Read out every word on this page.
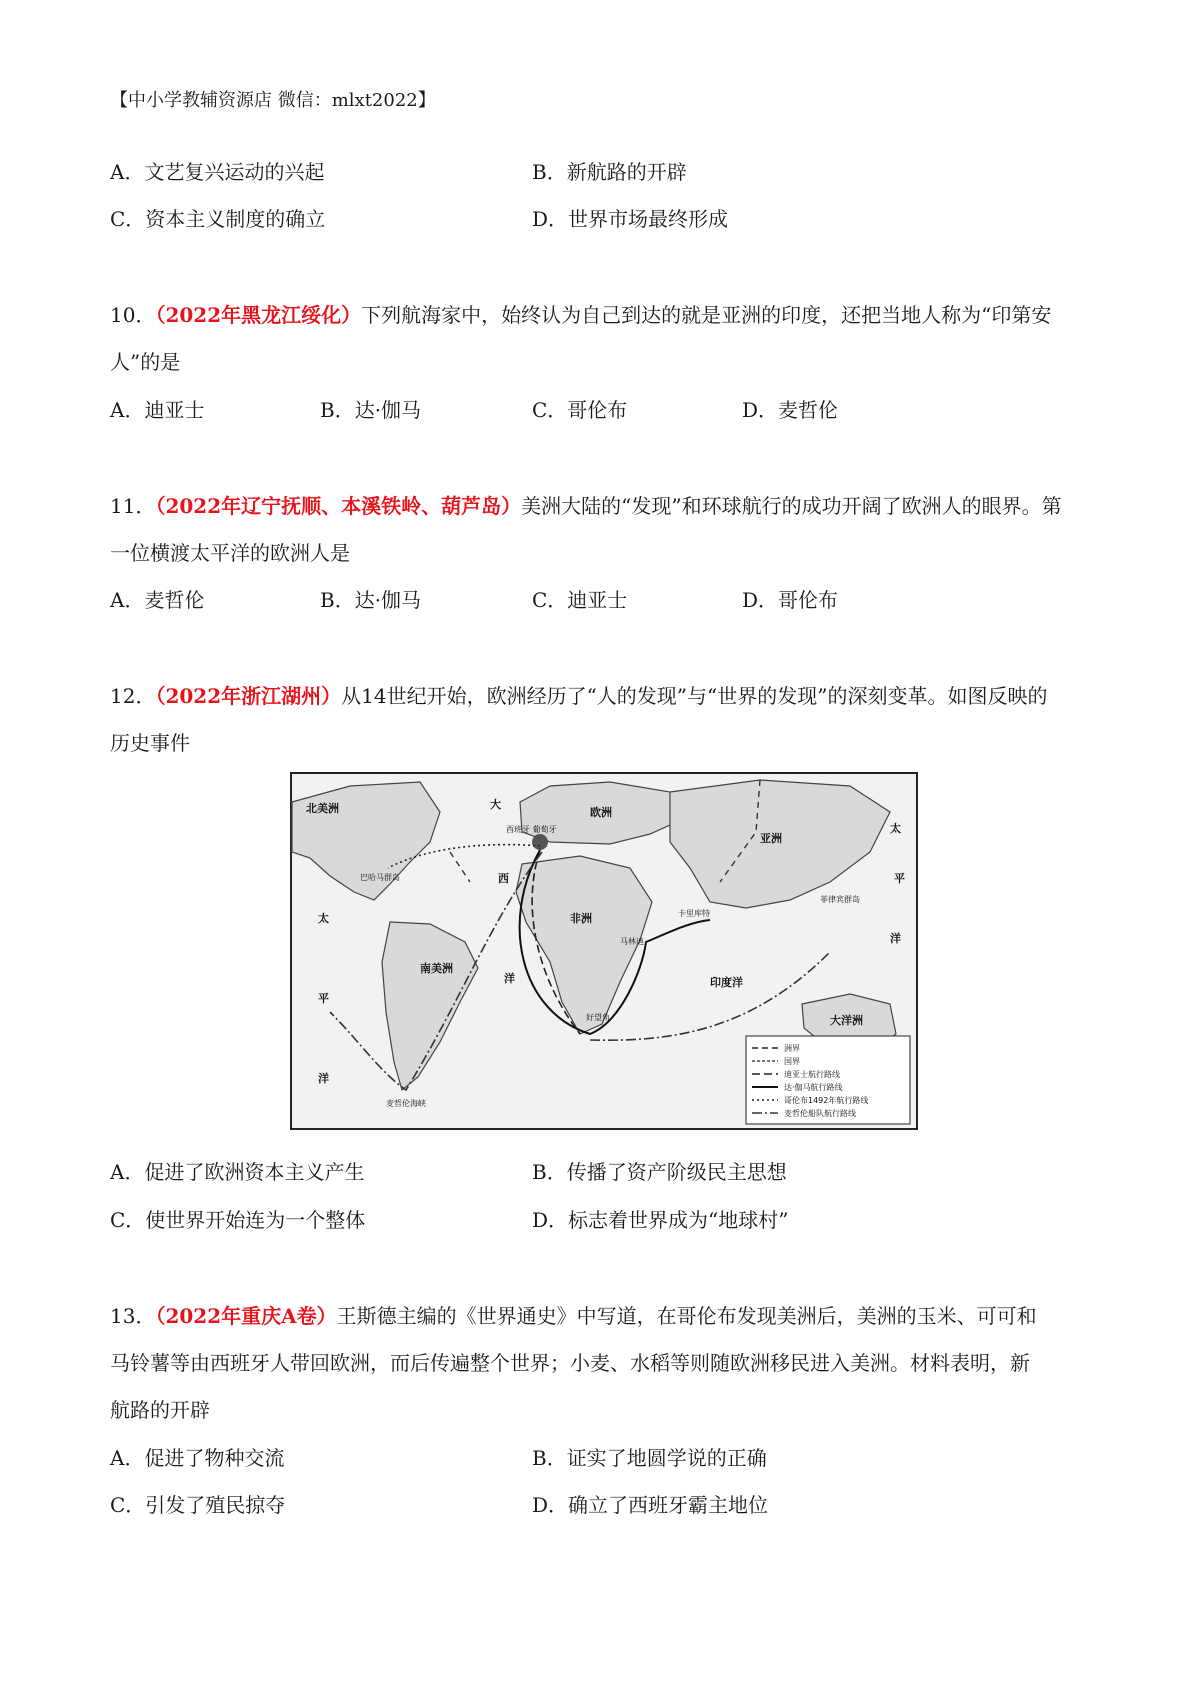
【中小学教辅资源店 微信：mlxt2022】
A．文艺复兴运动的兴起	B．新航路的开辟
C．资本主义制度的确立	D．世界市场最终形成
10．（2022年黑龙江绥化）下列航海家中，始终认为自己到达的就是亚洲的印度，还把当地人称为“印第安
人”的是
A．迪亚士	B．达·伽马	C．哥伦布	D．麦哲伦
11．（2022年辽宁抚顺、本溪铁岭、葫芦岛）美洲大陆的“发现”和环球航行的成功开阔了欧洲人的眼界。第
一位横渡太平洋的欧洲人是
A．麦哲伦	B．达·伽马	C．迪亚士	D．哥伦布
12．（2022年浙江湖州）从14世纪开始，欧洲经历了“人的发现”与“世界的发现”的深刻变革。如图反映的
历史事件
北美洲
南美洲
欧洲
亚洲
非洲
大洋洲
大
西
洋
太
平
洋
太
平
洋
印度洋
西班牙 葡萄牙
巴哈马群岛
卡里库特
马林迪
好望角
菲律宾群岛
麦哲伦海峡
洲界
国界
迪亚士航行路线
达·伽马航行路线
哥伦布1492年航行路线
麦哲伦船队航行路线
A．促进了欧洲资本主义产生	B．传播了资产阶级民主思想
C．使世界开始连为一个整体	D．标志着世界成为“地球村”
13．（2022年重庆A卷）王斯德主编的《世界通史》中写道，在哥伦布发现美洲后，美洲的玉米、可可和
马铃薯等由西班牙人带回欧洲，而后传遍整个世界；小麦、水稻等则随欧洲移民进入美洲。材料表明，新
航路的开辟
A．促进了物种交流	B．证实了地圆学说的正确
C．引发了殖民掠夺	D．确立了西班牙霸主地位
